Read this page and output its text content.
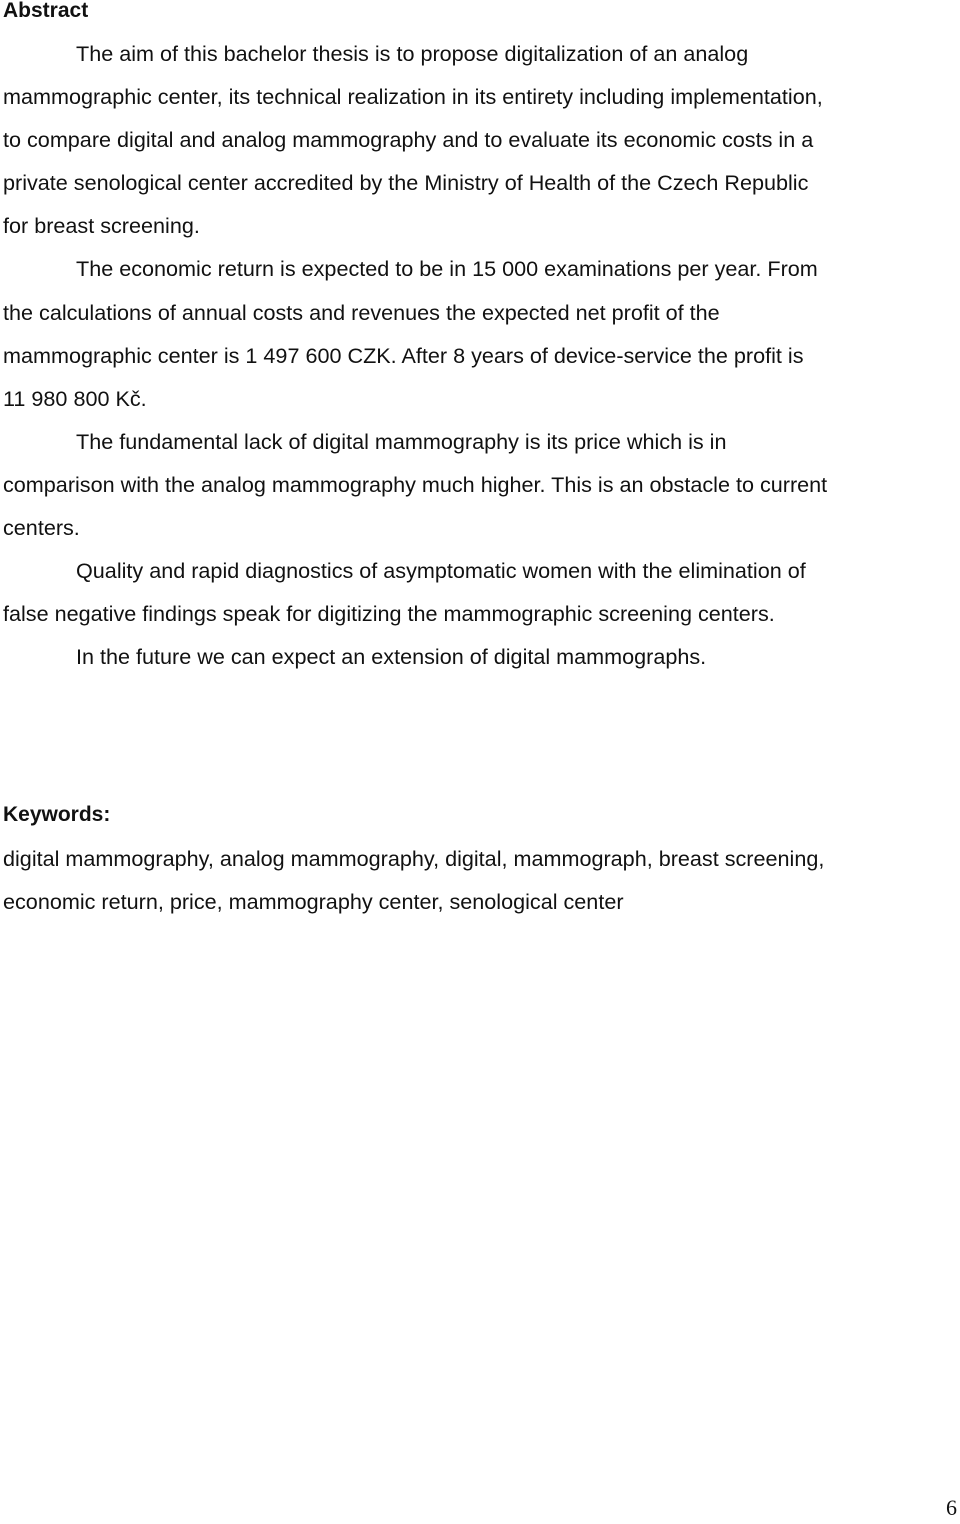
Abstract
The aim of this bachelor thesis is to propose digitalization of an analog
mammographic center, its technical realization in its entirety including implementation,
to compare digital and analog mammography and to evaluate its economic costs in a
private senological center accredited by the Ministry of Health of the Czech Republic
for breast screening.
The economic return is expected to be in 15 000 examinations per year. From
the calculations of annual costs and revenues the expected net profit of the
mammographic center is 1 497 600 CZK. After 8 years of device-service the profit is
11 980 800 Kč.
The fundamental lack of digital mammography is its price which is in
comparison with the analog mammography much higher. This is an obstacle to current
centers.
Quality and rapid diagnostics of asymptomatic women with the elimination of
false negative findings speak for digitizing the mammographic screening centers.
In the future we can expect an extension of digital mammographs.
Keywords:
digital mammography, analog mammography, digital, mammograph, breast screening,
economic return, price, mammography center, senological center
6
